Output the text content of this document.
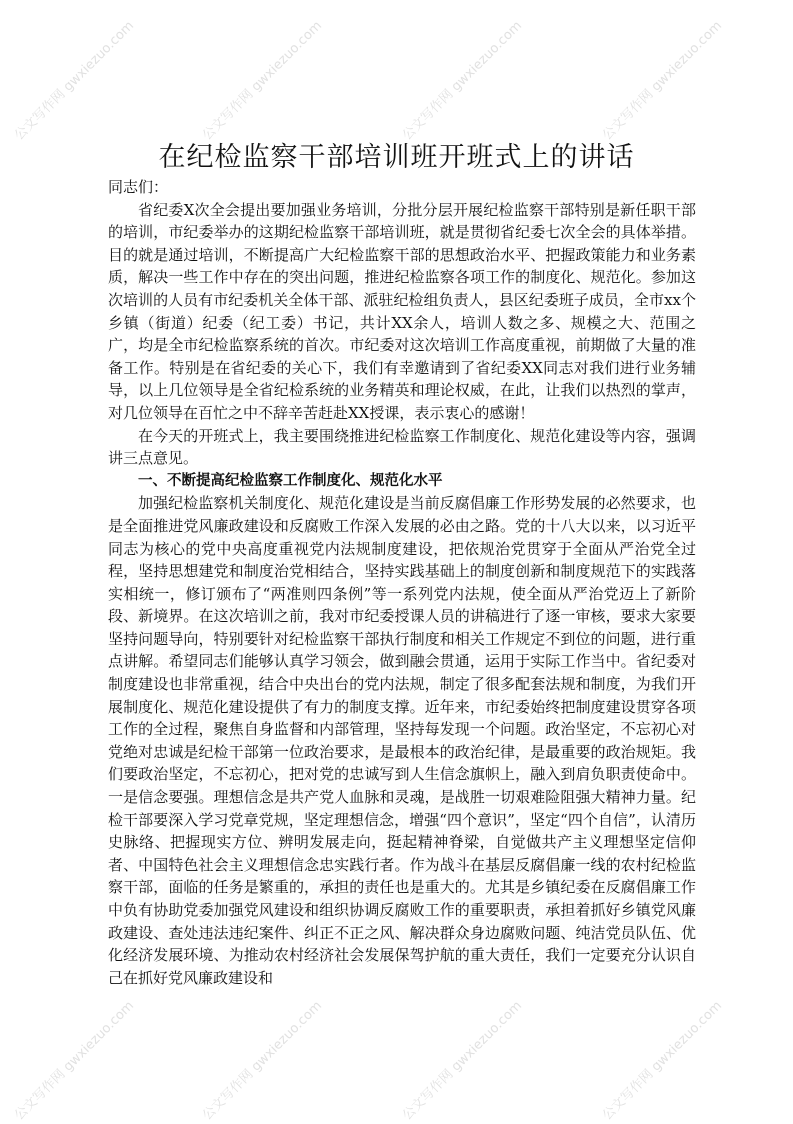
公文写作网 gwxiezuo.com	公文写作网 gwxiezuo.com	公文写作网 gwxiezuo.com	公文写作网 gwxiezuo.com
公文写作网 gwxiezuo.com	公文写作网 gwxiezuo.com	公文写作网 gwxiezuo.com	公文写作网 gwxiezuo.com
在纪检监察干部培训班开班式上的讲话

同志们：

省纪委X次全会提出要加强业务培训，分批分层开展纪检监察干部特别是新任职干部的培训，市纪委举办的这期纪检监察干部培训班，就是贯彻省纪委七次全会的具体举措。目的就是通过培训，不断提高广大纪检监察干部的思想政治水平、把握政策能力和业务素质，解决一些工作中存在的突出问题，推进纪检监察各项工作的制度化、规范化。参加这次培训的人员有市纪委机关全体干部、派驻纪检组负责人，县区纪委班子成员，全市xx个乡镇（街道）纪委（纪工委）书记，共计XX余人，培训人数之多、规模之大、范围之广，均是全市纪检监察系统的首次。市纪委对这次培训工作高度重视，前期做了大量的准备工作。特别是在省纪委的关心下，我们有幸邀请到了省纪委XX同志对我们进行业务辅导，以上几位领导是全省纪检系统的业务精英和理论权威，在此，让我们以热烈的掌声，对几位领导在百忙之中不辞辛苦赶赴XX授课，表示衷心的感谢！

在今天的开班式上，我主要围绕推进纪检监察工作制度化、规范化建设等内容，强调讲三点意见。

一、不断提高纪检监察工作制度化、规范化水平

加强纪检监察机关制度化、规范化建设是当前反腐倡廉工作形势发展的必然要求，也是全面推进党风廉政建设和反腐败工作深入发展的必由之路。党的十八大以来，以习近平同志为核心的党中央高度重视党内法规制度建设，把依规治党贯穿于全面从严治党全过程，坚持思想建党和制度治党相结合，坚持实践基础上的制度创新和制度规范下的实践落实相统一，修订颁布了“两准则四条例”等一系列党内法规，使全面从严治党迈上了新阶段、新境界。在这次培训之前，我对市纪委授课人员的讲稿进行了逐一审核，要求大家要坚持问题导向，特别要针对纪检监察干部执行制度和相关工作规定不到位的问题，进行重点讲解。希望同志们能够认真学习领会，做到融会贯通，运用于实际工作当中。省纪委对制度建设也非常重视，结合中央出台的党内法规，制定了很多配套法规和制度，为我们开展制度化、规范化建设提供了有力的制度支撑。近年来，市纪委始终把制度建设贯穿各项工作的全过程，聚焦自身监督和内部管理，坚持每发现一个问题。政治坚定，不忘初心对党绝对忠诚是纪检干部第一位政治要求，是最根本的政治纪律，是最重要的政治规矩。我们要政治坚定，不忘初心，把对党的忠诚写到人生信念旗帜上，融入到肩负职责使命中。一是信念要强。理想信念是共产党人血脉和灵魂，是战胜一切艰难险阻强大精神力量。纪检干部要深入学习党章党规，坚定理想信念，增强“四个意识”，坚定“四个自信”，认清历史脉络、把握现实方位、辨明发展走向，挺起精神脊梁，自觉做共产主义理想坚定信仰者、中国特色社会主义理想信念忠实践行者。作为战斗在基层反腐倡廉一线的农村纪检监察干部，面临的任务是繁重的，承担的责任也是重大的。尤其是乡镇纪委在反腐倡廉工作中负有协助党委加强党风建设和组织协调反腐败工作的重要职责，承担着抓好乡镇党风廉政建设、查处违法违纪案件、纠正不正之风、解决群众身边腐败问题、纯洁党员队伍、优化经济发展环境、为推动农村经济社会发展保驾护航的重大责任，我们一定要充分认识自己在抓好党风廉政建设和
